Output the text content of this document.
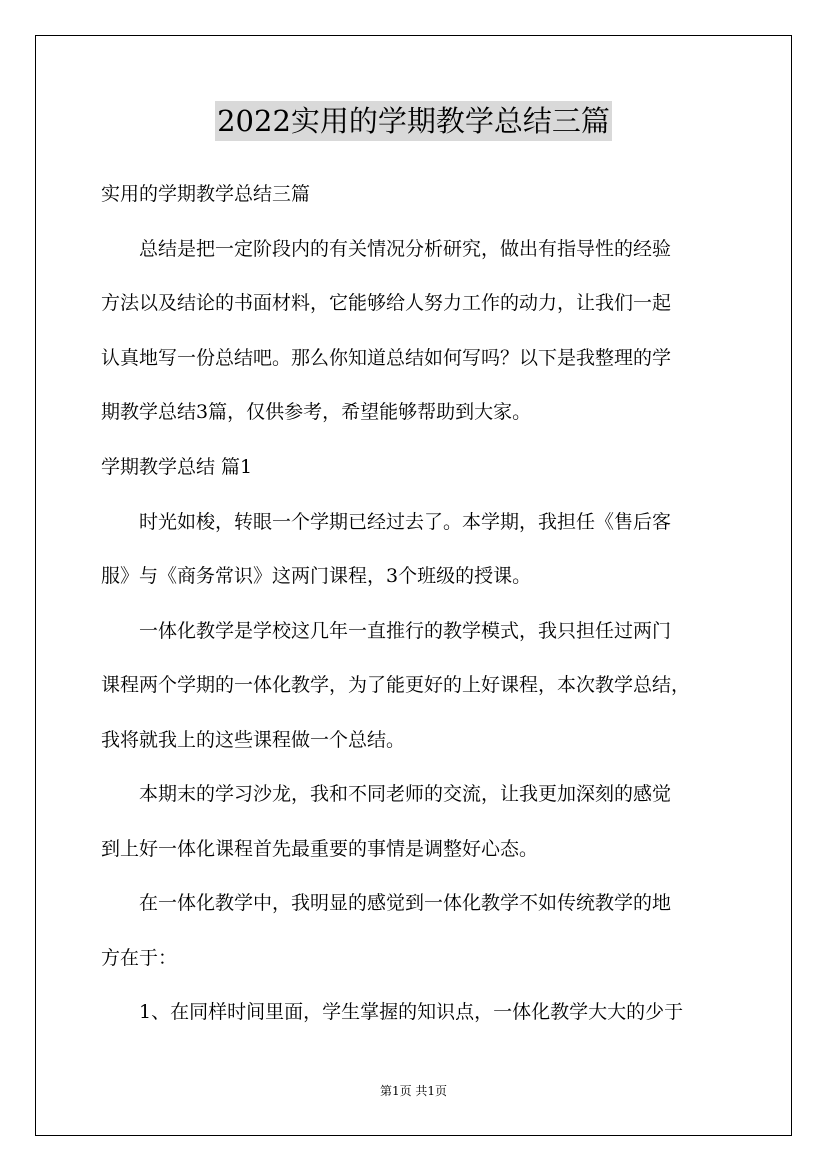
2022实用的学期教学总结三篇
实用的学期教学总结三篇
　　总结是把一定阶段内的有关情况分析研究，做出有指导性的经验
方法以及结论的书面材料，它能够给人努力工作的动力，让我们一起
认真地写一份总结吧。那么你知道总结如何写吗？以下是我整理的学
期教学总结3篇，仅供参考，希望能够帮助到大家。
学期教学总结 篇1
　　时光如梭，转眼一个学期已经过去了。本学期，我担任《售后客
服》与《商务常识》这两门课程，3个班级的授课。
　　一体化教学是学校这几年一直推行的教学模式，我只担任过两门
课程两个学期的一体化教学，为了能更好的上好课程，本次教学总结，
我将就我上的这些课程做一个总结。
　　本期末的学习沙龙，我和不同老师的交流，让我更加深刻的感觉
到上好一体化课程首先最重要的事情是调整好心态。
　　在一体化教学中，我明显的感觉到一体化教学不如传统教学的地
方在于：
　　1、在同样时间里面，学生掌握的知识点，一体化教学大大的少于
第1页 共1页
